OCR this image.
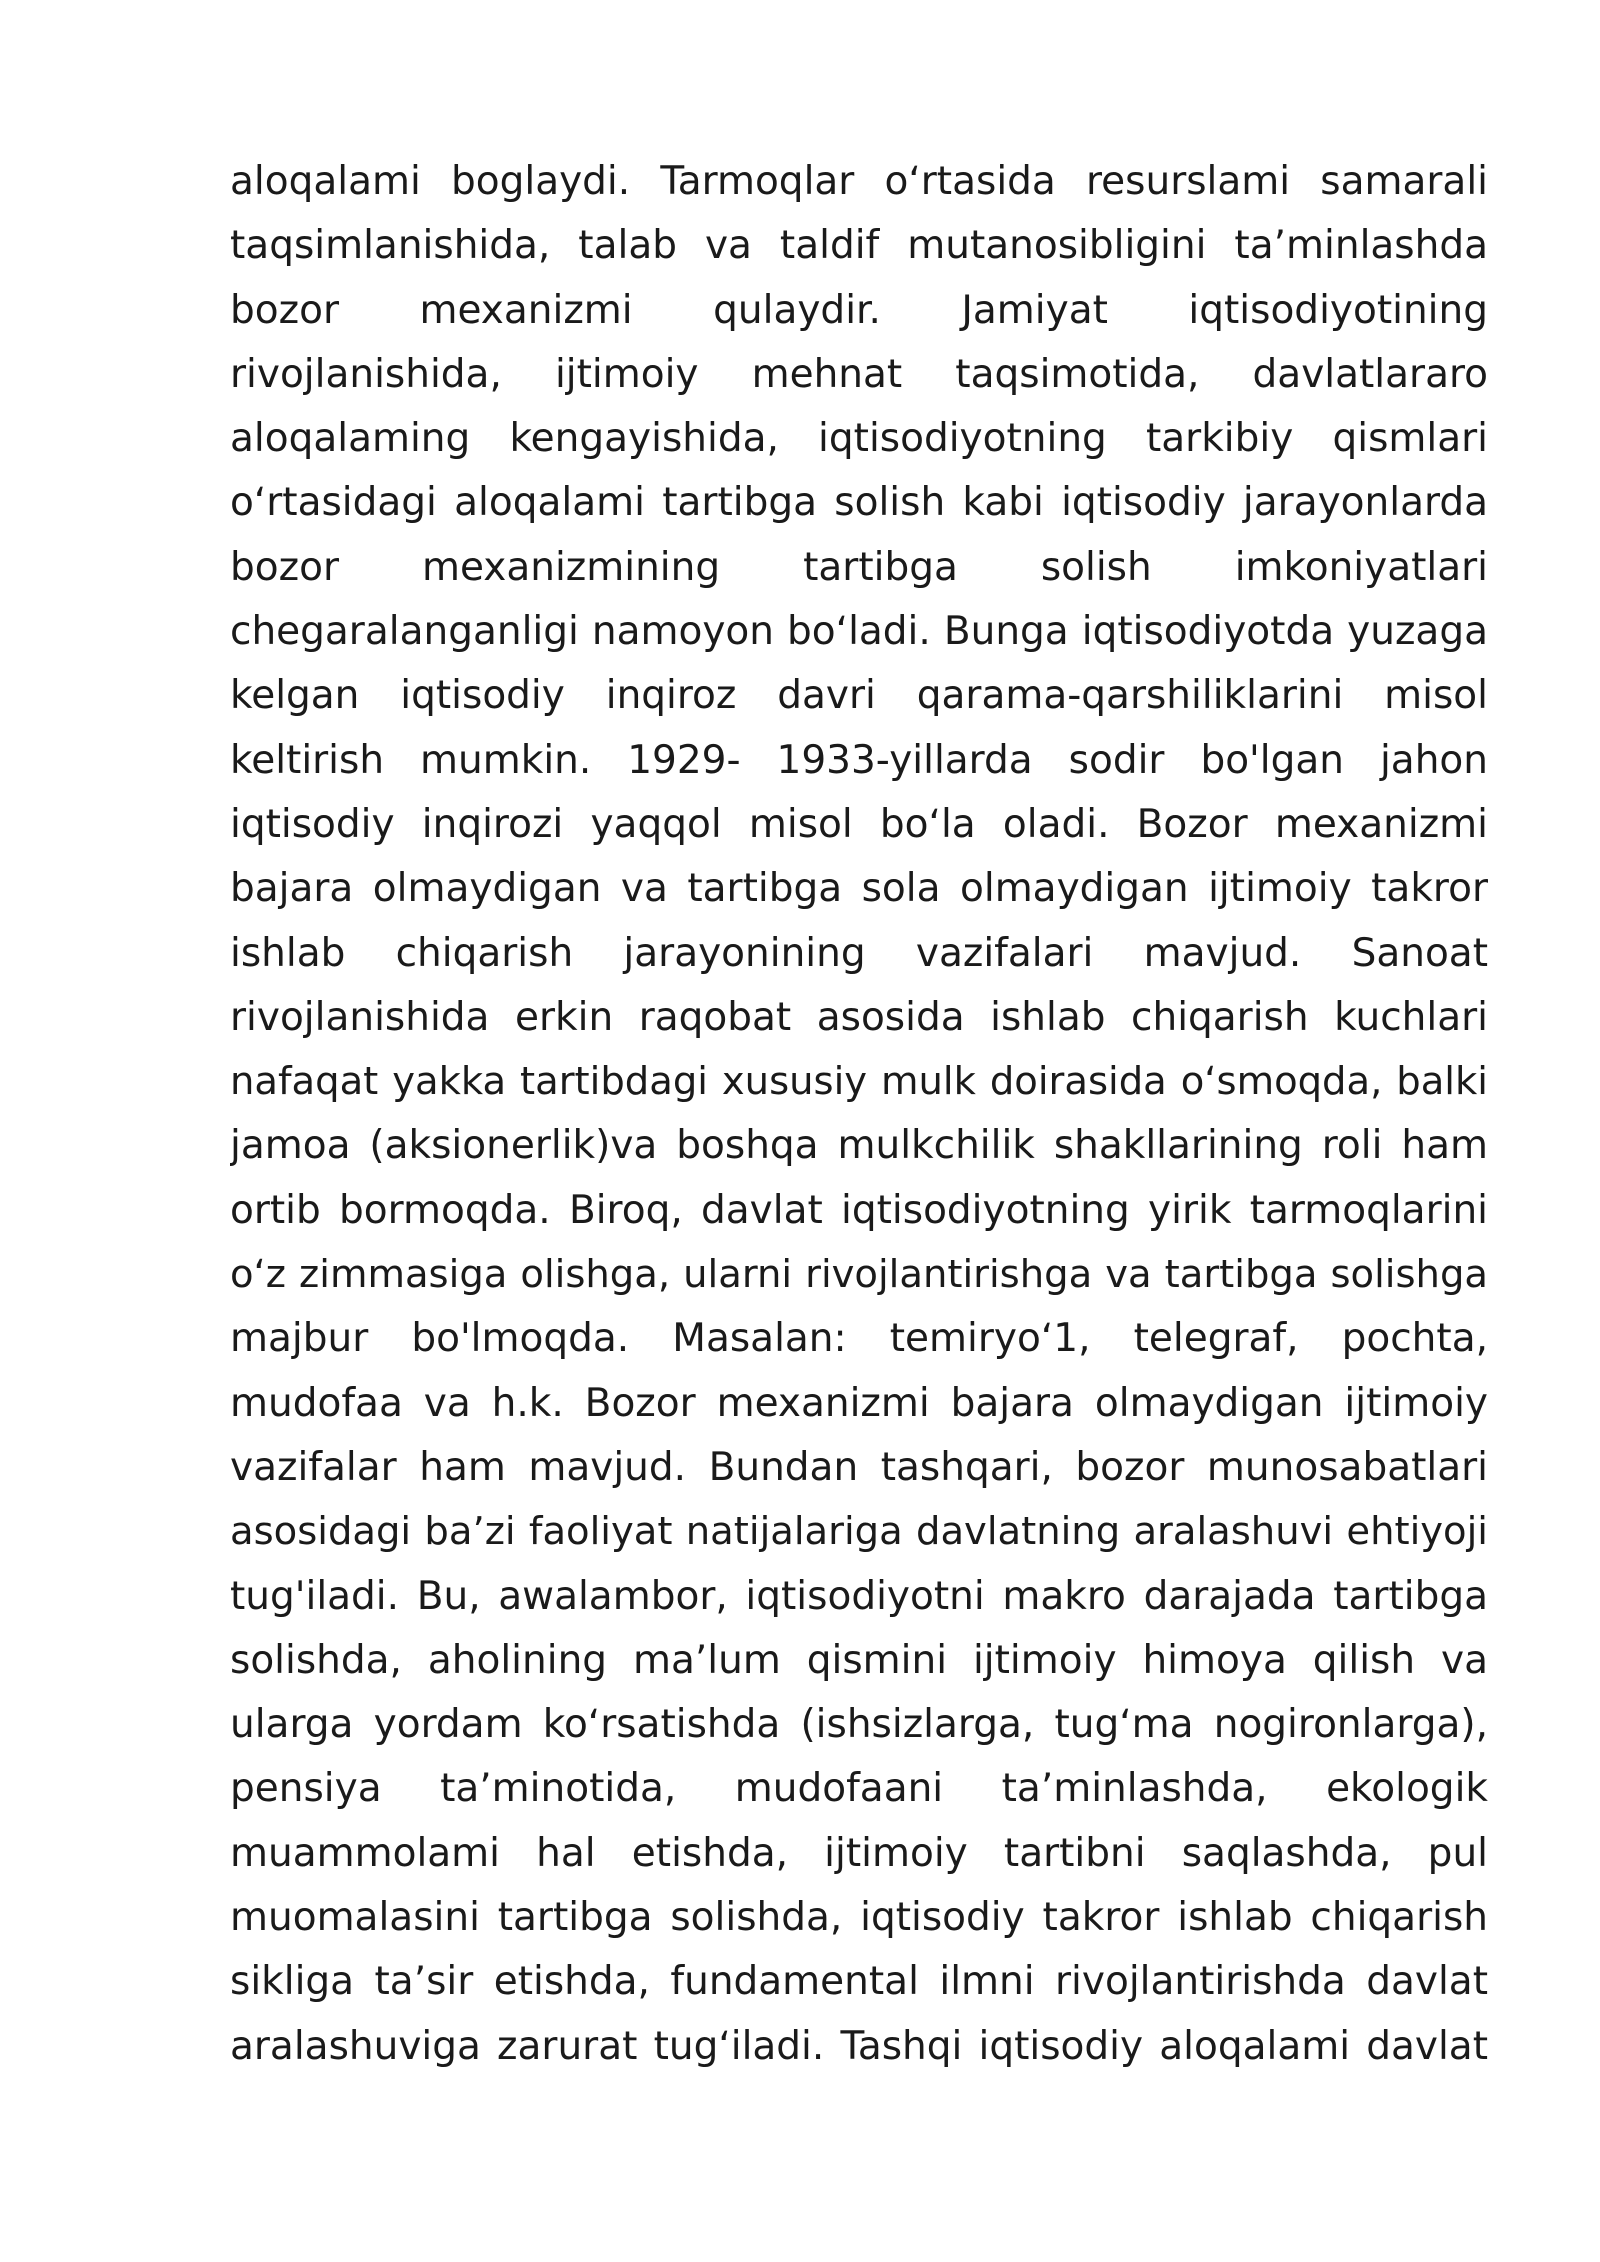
aloqalami boglaydi. Tarmoqlar o‘rtasida resurslami samarali
taqsimlanishida, talab va taldif mutanosibligini ta’minlashda
bozor mexanizmi qulaydir. Jamiyat iqtisodiyotining
rivojlanishida, ijtimoiy mehnat taqsimotida, davlatlararo
aloqalaming kengayishida, iqtisodiyotning tarkibiy qismlari
o‘rtasidagi aloqalami tartibga solish kabi iqtisodiy jarayonlarda
bozor mexanizmining tartibga solish imkoniyatlari
chegaralanganligi namoyon bo‘ladi. Bunga iqtisodiyotda yuzaga
kelgan iqtisodiy inqiroz davri qarama-qarshiliklarini misol
keltirish mumkin. 1929- 1933-yillarda sodir bo'lgan jahon
iqtisodiy inqirozi yaqqol misol bo‘la oladi. Bozor mexanizmi
bajara olmaydigan va tartibga sola olmaydigan ijtimoiy takror
ishlab chiqarish jarayonining vazifalari mavjud. Sanoat
rivojlanishida erkin raqobat asosida ishlab chiqarish kuchlari
nafaqat yakka tartibdagi xususiy mulk doirasida o‘smoqda, balki
jamoa (aksionerlik)va boshqa mulkchilik shakllarining roli ham
ortib bormoqda. Biroq, davlat iqtisodiyotning yirik tarmoqlarini
o‘z zimmasiga olishga, ularni rivojlantirishga va tartibga solishga
majbur bo'lmoqda. Masalan: temiryo‘1, telegraf, pochta,
mudofaa va h.k. Bozor mexanizmi bajara olmaydigan ijtimoiy
vazifalar ham mavjud. Bundan tashqari, bozor munosabatlari
asosidagi ba’zi faoliyat natijalariga davlatning aralashuvi ehtiyoji
tug'iladi. Bu, awalambor, iqtisodiyotni makro darajada tartibga
solishda, aholining ma’lum qismini ijtimoiy himoya qilish va
ularga yordam ko‘rsatishda (ishsizlarga, tug‘ma nogironlarga),
pensiya ta’minotida, mudofaani ta’minlashda, ekologik
muammolami hal etishda, ijtimoiy tartibni saqlashda, pul
muomalasini tartibga solishda, iqtisodiy takror ishlab chiqarish
sikliga ta’sir etishda, fundamental ilmni rivojlantirishda davlat
aralashuviga zarurat tug‘iladi. Tashqi iqtisodiy aloqalami davlat
